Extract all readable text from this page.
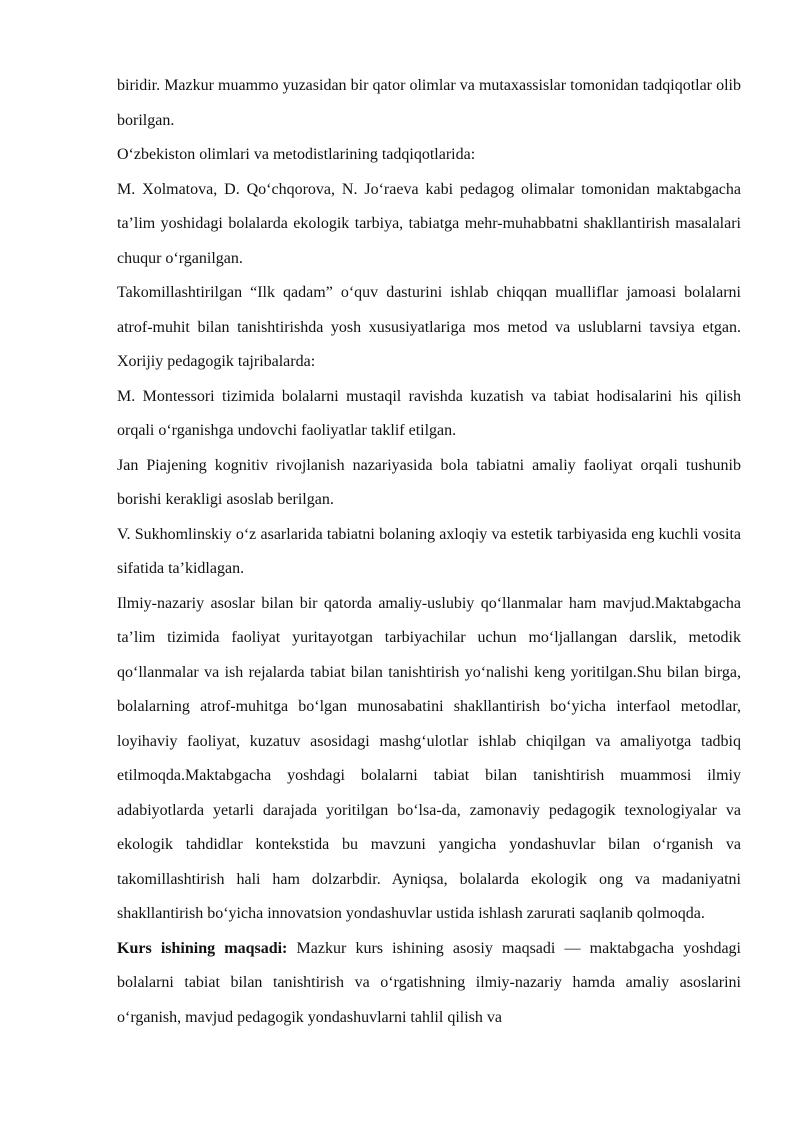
biridir. Mazkur muammo yuzasidan bir qator olimlar va mutaxassislar tomonidan tadqiqotlar olib borilgan.

O‘zbekiston olimlari va metodistlarining tadqiqotlarida:

M. Xolmatova, D. Qo‘chqorova, N. Jo‘raeva kabi pedagog olimalar tomonidan maktabgacha ta’lim yoshidagi bolalarda ekologik tarbiya, tabiatga mehr-muhabbatni shakllantirish masalalari chuqur o‘rganilgan.

Takomillashtirilgan “Ilk qadam” o‘quv dasturini ishlab chiqqan mualliflar jamoasi bolalarni atrof-muhit bilan tanishtirishda yosh xususiyatlariga mos metod va uslublarni tavsiya etgan. Xorijiy pedagogik tajribalarda:

M. Montessori tizimida bolalarni mustaqil ravishda kuzatish va tabiat hodisalarini his qilish orqali o‘rganishga undovchi faoliyatlar taklif etilgan.

Jan Piajening kognitiv rivojlanish nazariyasida bola tabiatni amaliy faoliyat orqali tushunib borishi kerakligi asoslab berilgan.

V. Sukhomlinskiy o‘z asarlarida tabiatni bolaning axloqiy va estetik tarbiyasida eng kuchli vosita sifatida ta’kidlagan.

Ilmiy-nazariy asoslar bilan bir qatorda amaliy-uslubiy qo‘llanmalar ham mavjud.Maktabgacha ta’lim tizimida faoliyat yuritayotgan tarbiyachilar uchun mo‘ljallangan darslik, metodik qo‘llanmalar va ish rejalarda tabiat bilan tanishtirish yo‘nalishi keng yoritilgan.Shu bilan birga, bolalarning atrof-muhitga bo‘lgan munosabatini shakllantirish bo‘yicha interfaol metodlar, loyihaviy faoliyat, kuzatuv asosidagi mashg‘ulotlar ishlab chiqilgan va amaliyotga tadbiq etilmoqda.Maktabgacha yoshdagi bolalarni tabiat bilan tanishtirish muammosi ilmiy adabiyotlarda yetarli darajada yoritilgan bo‘lsa-da, zamonaviy pedagogik texnologiyalar va ekologik tahdidlar kontekstida bu mavzuni yangicha yondashuvlar bilan o‘rganish va takomillashtirish hali ham dolzarbdir. Ayniqsa, bolalarda ekologik ong va madaniyatni shakllantirish bo‘yicha innovatsion yondashuvlar ustida ishlash zarurati saqlanib qolmoqda.

Kurs ishining maqsadi: Mazkur kurs ishining asosiy maqsadi — maktabgacha yoshdagi bolalarni tabiat bilan tanishtirish va o‘rgatishning ilmiy-nazariy hamda amaliy asoslarini o‘rganish, mavjud pedagogik yondashuvlarni tahlil qilish va
